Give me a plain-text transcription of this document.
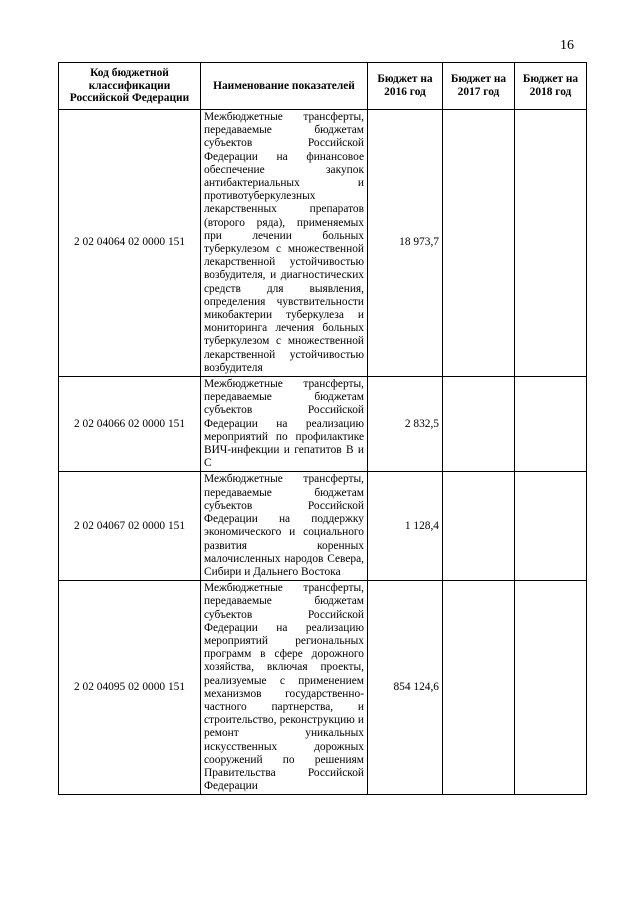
16
Код бюджетной классификации Российской Федерации	Наименование показателей	Бюджет на 2016 год	Бюджет на 2017 год	Бюджет на 2018 год
2 02 04064 02 0000 151	Межбюджетные трансферты, передаваемые бюджетам субъектов Российской Федерации на финансовое обеспечение закупок антибактериальных и противотуберкулезных лекарственных препаратов (второго ряда), применяемых при лечении больных туберкулезом с множественной лекарственной устойчивостью возбудителя, и диагностических средств для выявления, определения чувствительности микобактерии туберкулеза и мониторинга лечения больных туберкулезом с множественной лекарственной устойчивостью возбудителя	18 973,7		
2 02 04066 02 0000 151	Межбюджетные трансферты, передаваемые бюджетам субъектов Российской Федерации на реализацию мероприятий по профилактике ВИЧ-инфекции и гепатитов В и С	2 832,5		
2 02 04067 02 0000 151	Межбюджетные трансферты, передаваемые бюджетам субъектов Российской Федерации на поддержку экономического и социального развития коренных малочисленных народов Севера, Сибири и Дальнего Востока	1 128,4		
2 02 04095 02 0000 151	Межбюджетные трансферты, передаваемые бюджетам субъектов Российской Федерации на реализацию мероприятий региональных программ в сфере дорожного хозяйства, включая проекты, реализуемые с применением механизмов государственно-частного партнерства, и строительство, реконструкцию и ремонт уникальных искусственных дорожных сооружений по решениям Правительства Российской Федерации	854 124,6		
